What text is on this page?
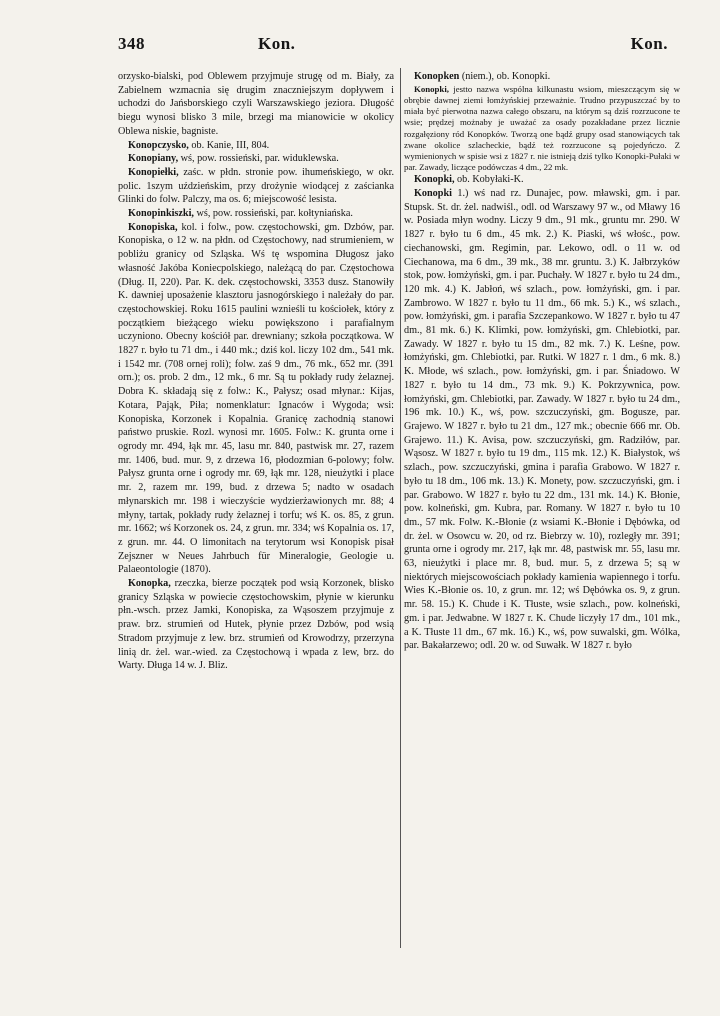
348	Kon.	Kon.

orzysko-bialski, pod Oblewem przyjmuje strugę od m. Biały, za Zabielnem wzmacnia się drugim znaczniejszym dopływem i uchodzi do Jańsborskiego czyli Warszawskiego jeziora. Długość biegu wynosi blisko 3 mile, brzegi ma mianowicie w okolicy Oblewa niskie, bagniste.

Konopczysko, ob. Kanie, III, 804.

Konopiany, wś, pow. rossieński, par. widuklewska.

Konopiełki, zaśc. w płdn. stronie pow. ihumeńskiego, w okr. polic. 1szym uździeńskim, przy drożynie wiodącej z zaścianka Glinki do folw. Palczy, ma os. 6; miejscowość lesista.

Konopinkiszki, wś, pow. rossieński, par. kołtyniańska.

Konopiska, kol. i folw., pow. częstochowski, gm. Dzbów, par. Konopiska, o 12 w. na płdn. od Częstochowy, nad strumieniem, w pobliżu granicy od Szląska. Wś tę wspomina Długosz jako własność Jakóba Koniecpolskiego, należącą do par. Częstochowa (Dług. II, 220). Par. K. dek. częstochowski, 3353 dusz. Stanowiły K. dawniej uposażenie klasztoru jasnogórskiego i należały do par. częstochowskiej. Roku 1615 paulini wznieśli tu kościołek, który z początkiem bieżącego wieku powiększono i parafialnym uczyniono. Obecny kościół par. drewniany; szkoła początkowa. W 1827 r. było tu 71 dm., i 440 mk.; dziś kol. liczy 102 dm., 541 mk. i 1542 mr. (708 ornej roli); folw. zaś 9 dm., 76 mk., 652 mr. (391 orn.); os. prob. 2 dm., 12 mk., 6 mr. Są tu pokłady rudy żelaznej. Dobra K. składają się z folw.: K., Pałysz; osad młynar.: Kijas, Kotara, Pająk, Piła; nomenklatur: Ignaców i Wygoda; wsi: Konopiska, Korzonek i Kopalnia. Granicę zachodnią stanowi państwo pruskie. Rozl. wynosi mr. 1605. Folw.: K. grunta orne i ogrody mr. 494, łąk mr. 45, lasu mr. 840, pastwisk mr. 27, razem mr. 1406, bud. mur. 9, z drzewa 16, płodozmian 6-polowy; folw. Pałysz grunta orne i ogrody mr. 69, łąk mr. 128, nieużytki i place mr. 2, razem mr. 199, bud. z drzewa 5; nadto w osadach młynarskich mr. 198 i wieczyście wydzierżawionych mr. 88; 4 młyny, tartak, pokłady rudy żelaznej i torfu; wś K. os. 85, z grun. mr. 1662; wś Korzonek os. 24, z grun. mr. 334; wś Kopalnia os. 17, z grun. mr. 44. O limonitach na terytorum wsi Konopisk pisał Zejszner w Neues Jahrbuch für Mineralogie, Geologie u. Palaeontologie (1870).

Konopka, rzeczka, bierze początek pod wsią Korzonek, blisko granicy Szląska w powiecie częstochowskim, płynie w kierunku płn.-wsch. przez Jamki, Konopiska, za Wąsoszem przyjmuje z praw. brz. strumień od Hutek, płynie przez Dzbów, pod wsią Stradom przyjmuje z lew. brz. strumień od Krowodrzy, przerzyna linią dr. żel. war.-wied. za Częstochową i wpada z lew, brz. do Warty. Długa 14 w. J. Bliz.

Konopken (niem.), ob. Konopki.

Konopki, jestto nazwa wspólna kilkunastu wsiom, mieszczącym się w obrębie dawnej ziemi łomżyńskiej przeważnie. Trudno przypuszczać by to miała być pierwotna nazwa całego obszaru, na którym są dziś rozrzucone te wsie; prędzej możnaby je uważać za osady pozakładane przez licznie rozgałęziony ród Konopków. Tworzą one bądź grupy osad stanowiących tak zwane okolice szlacheckie, bądź też rozrzucone są pojedyńczo. Z wymienionych w spisie wsi z 1827 r. nie istnieją dziś tylko Konopki-Pułaki w par. Zawady, liczące podówczas 4 dm., 22 mk.

Konopki, ob. Kobyłaki-K.

Konopki 1.) wś nad rz. Dunajec, pow. mławski, gm. i par. Stupsk. St. dr. żel. nadwiśl., odl. od Warszawy 97 w., od Mławy 16 w. Posiada młyn wodny. Liczy 9 dm., 91 mk., gruntu mr. 290. W 1827 r. było tu 6 dm., 45 mk. 2.) K. Piaski, wś włośc., pow. ciechanowski, gm. Regimin, par. Lekowo, odl. o 11 w. od Ciechanowa, ma 6 dm., 39 mk., 38 mr. gruntu. 3.) K. Jałbrzyków stok, pow. łomżyński, gm. i par. Puchały. W 1827 r. było tu 24 dm., 120 mk. 4.) K. Jabłoń, wś szlach., pow. łomżyński, gm. i par. Zambrowo. W 1827 r. było tu 11 dm., 66 mk. 5.) K., wś szlach., pow. łomżyński, gm. i parafia Szczepankowo. W 1827 r. było tu 47 dm., 81 mk. 6.) K. Klimki, pow. łomżyński, gm. Chlebiotki, par. Zawady. W 1827 r. było tu 15 dm., 82 mk. 7.) K. Leśne, pow. łomżyński, gm. Chlebiotki, par. Rutki. W 1827 r. 1 dm., 6 mk. 8.) K. Młode, wś szlach., pow. łomżyński, gm. i par. Śniadowo. W 1827 r. było tu 14 dm., 73 mk. 9.) K. Pokrzywnica, pow. łomżyński, gm. Chlebiotki, par. Zawady. W 1827 r. było tu 24 dm., 196 mk. 10.) K., wś, pow. szczuczyński, gm. Bogusze, par. Grajewo. W 1827 r. było tu 21 dm., 127 mk.; obecnie 666 mr. Ob. Grajewo. 11.) K. Avisa, pow. szczuczyński, gm. Radziłów, par. Wąsosz. W 1827 r. było tu 19 dm., 115 mk. 12.) K. Białystok, wś szlach., pow. szczuczyński, gmina i parafia Grabowo. W 1827 r. było tu 18 dm., 106 mk. 13.) K. Monety, pow. szczuczyński, gm. i par. Grabowo. W 1827 r. było tu 22 dm., 131 mk. 14.) K. Błonie, pow. kolneński, gm. Kubra, par. Romany. W 1827 r. było tu 10 dm., 57 mk. Folw. K.-Błonie (z wsiami K.-Błonie i Dębówka, od dr. żel. w Osowcu w. 20, od rz. Biebrzy w. 10), rozległy mr. 391; grunta orne i ogrody mr. 217, łąk mr. 48, pastwisk mr. 55, lasu mr. 63, nieużytki i place mr. 8, bud. mur. 5, z drzewa 5; są w niektórych miejscowościach pokłady kamienia wapiennego i torfu. Wies K.-Błonie os. 10, z grun. mr. 12; wś Dębówka os. 9, z grun. mr. 58. 15.) K. Chude i K. Tłuste, wsie szlach., pow. kolneński, gm. i par. Jedwabne. W 1827 r. K. Chude liczyły 17 dm., 101 mk., a K. Tłuste 11 dm., 67 mk. 16.) K., wś, pow suwalski, gm. Wólka, par. Bakałarzewo; odl. 20 w. od Suwałk. W 1827 r. było
